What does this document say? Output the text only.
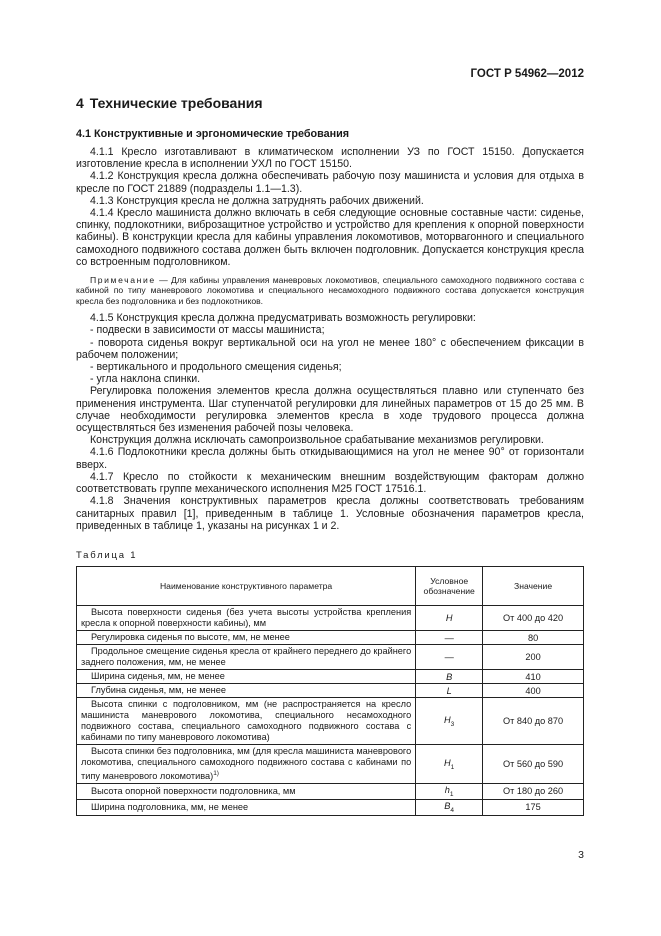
ГОСТ Р 54962—2012
4 Технические требования
4.1 Конструктивные и эргономические требования

4.1.1 Кресло изготавливают в климатическом исполнении УЗ по ГОСТ 15150. Допускается изготовление кресла в исполнении УХЛ по ГОСТ 15150.

4.1.2 Конструкция кресла должна обеспечивать рабочую позу машиниста и условия для отдыха в кресле по ГОСТ 21889 (подразделы 1.1—1.3).

4.1.3 Конструкция кресла не должна затруднять рабочих движений.

4.1.4 Кресло машиниста должно включать в себя следующие основные составные части: сиденье, спинку, подлокотники, виброзащитное устройство и устройство для крепления к опорной поверхности кабины). В конструкции кресла для кабины управления локомотивов, моторвагонного и специального самоходного подвижного состава должен быть включен подголовник. Допускается конструкция кресла со встроенным подголовником.

Примечание — Для кабины управления маневровых локомотивов, специального самоходного подвижного состава с кабиной по типу маневрового локомотива и специального несамоходного подвижного состава допускается конструкция кресла без подголовника и без подлокотников.

4.1.5 Конструкция кресла должна предусматривать возможность регулировки:

- подвески в зависимости от массы машиниста;

- поворота сиденья вокруг вертикальной оси на угол не менее 180° с обеспечением фиксации в рабочем положении;

- вертикального и продольного смещения сиденья;

- угла наклона спинки.

Регулировка положения элементов кресла должна осуществляться плавно или ступенчато без применения инструмента. Шаг ступенчатой регулировки для линейных параметров от 15 до 25 мм. В случае необходимости регулировка элементов кресла в ходе трудового процесса должна осуществляться без изменения рабочей позы человека.

Конструкция должна исключать самопроизвольное срабатывание механизмов регулировки.

4.1.6 Подлокотники кресла должны быть откидывающимися на угол не менее 90° от горизонтали вверх.

4.1.7 Кресло по стойкости к механическим внешним воздействующим факторам должно соответствовать группе механического исполнения М25 ГОСТ 17516.1.

4.1.8 Значения конструктивных параметров кресла должны соответствовать требованиям санитарных правил [1], приведенным в таблице 1. Условные обозначения параметров кресла, приведенных в таблице 1, указаны на рисунках 1 и 2.

Таблица 1
Наименование конструктивного параметра	Условное обозначение	Значение
Высота поверхности сиденья (без учета высоты устройства крепления кресла к опорной поверхности кабины), мм	H	От 400 до 420
Регулировка сиденья по высоте, мм, не менее	—	80
Продольное смещение сиденья кресла от крайнего переднего до крайнего заднего положения, мм, не менее	—	200
Ширина сиденья, мм, не менее	B	410
Глубина сиденья, мм, не менее	L	400
Высота спинки с подголовником, мм (не распространяется на кресло машиниста маневрового локомотива, специального несамоходного подвижного состава, специального самоходного подвижного состава с кабинами по типу маневрового локомотива)	$H_3$	От 840 до 870
Высота спинки без подголовника, мм (для кресла машиниста маневрового локомотива, специального самоходного подвижного состава с кабинами по типу маневрового локомотива)$^{1)}$	$H_1$	От 560 до 590
Высота опорной поверхности подголовника, мм	$h_1$	От 180 до 260
Ширина подголовника, мм, не менее	$B_4$	175
3
